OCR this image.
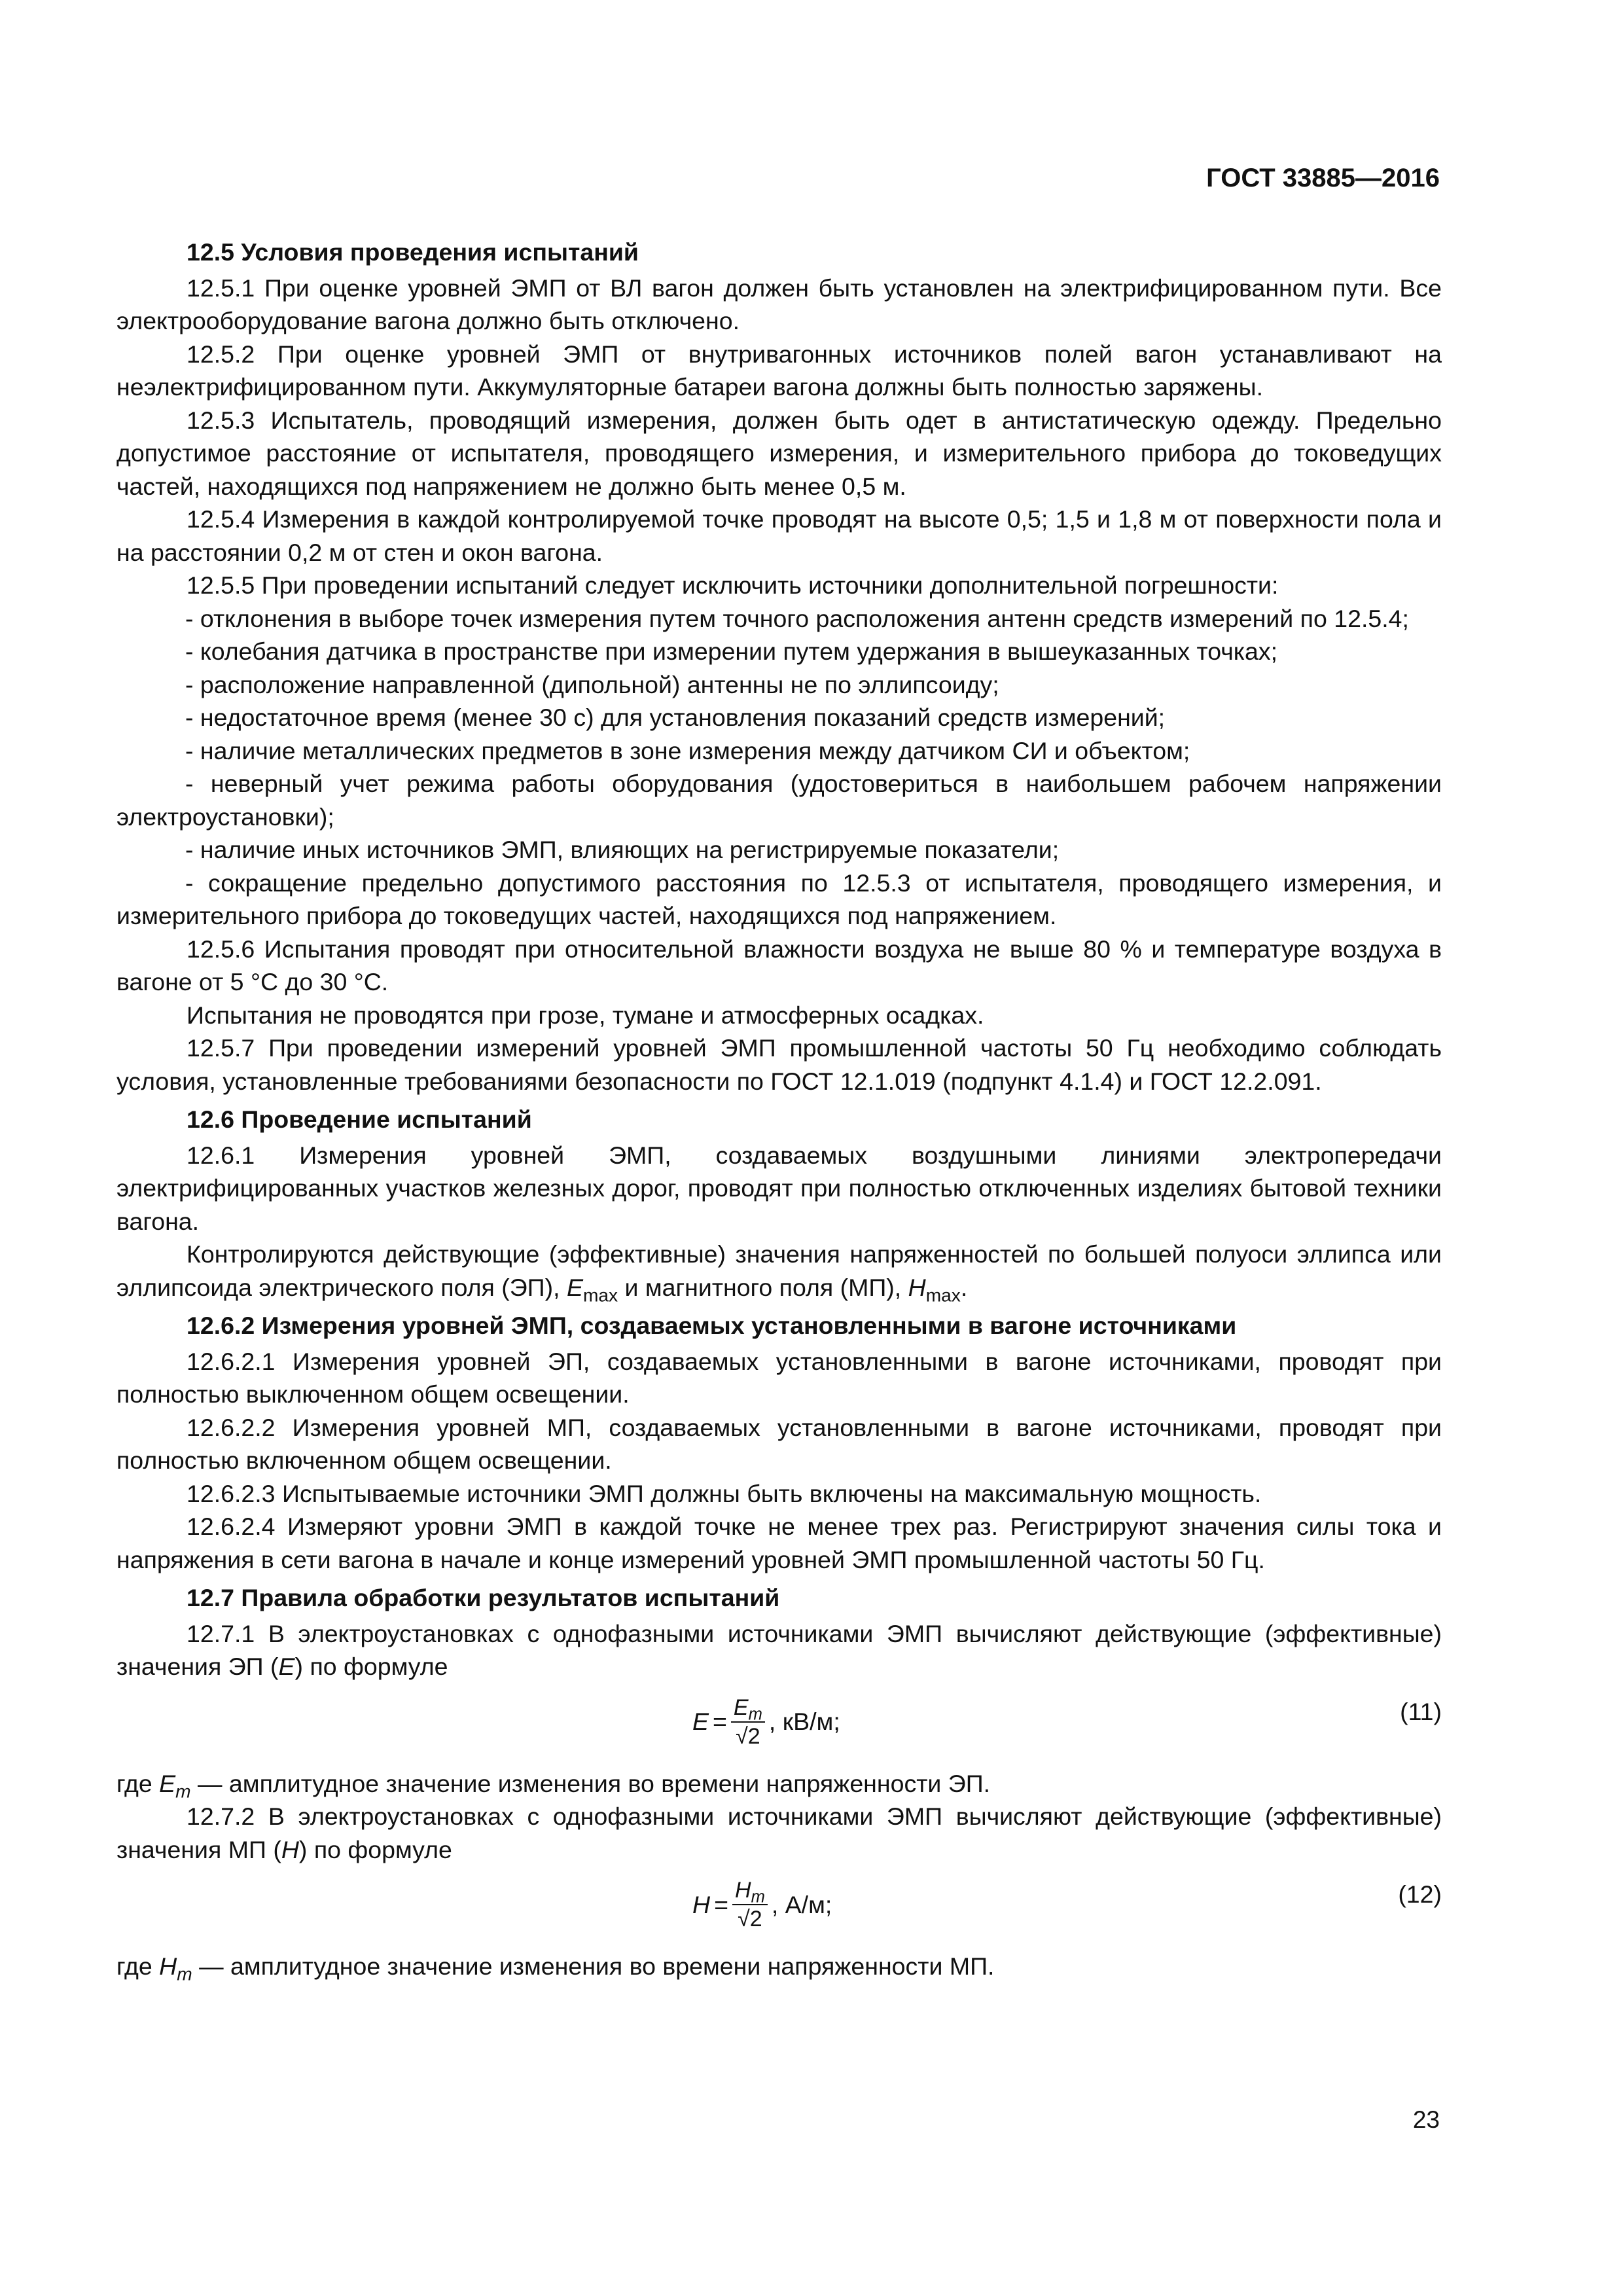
ГОСТ 33885—2016

12.5 Условия проведения испытаний

12.5.1 При оценке уровней ЭМП от ВЛ вагон должен быть установлен на электрифицированном пути. Все электрооборудование вагона должно быть отключено.

12.5.2 При оценке уровней ЭМП от внутривагонных источников полей вагон устанавливают на неэлектрифицированном пути. Аккумуляторные батареи вагона должны быть полностью заряжены.

12.5.3 Испытатель, проводящий измерения, должен быть одет в антистатическую одежду. Предельно допустимое расстояние от испытателя, проводящего измерения, и измерительного прибора до токоведущих частей, находящихся под напряжением не должно быть менее 0,5 м.

12.5.4 Измерения в каждой контролируемой точке проводят на высоте 0,5; 1,5 и 1,8 м от поверхности пола и на расстоянии 0,2 м от стен и окон вагона.

12.5.5 При проведении испытаний следует исключить источники дополнительной погрешности:

- отклонения в выборе точек измерения путем точного расположения антенн средств измерений по 12.5.4;

- колебания датчика в пространстве при измерении путем удержания в вышеуказанных точках;

- расположение направленной (дипольной) антенны не по эллипсоиду;

- недостаточное время (менее 30 с) для установления показаний средств измерений;

- наличие металлических предметов в зоне измерения между датчиком СИ и объектом;

- неверный учет режима работы оборудования (удостовериться в наибольшем рабочем напряжении электроустановки);

- наличие иных источников ЭМП, влияющих на регистрируемые показатели;

- сокращение предельно допустимого расстояния по 12.5.3 от испытателя, проводящего измерения, и измерительного прибора до токоведущих частей, находящихся под напряжением.

12.5.6 Испытания проводят при относительной влажности воздуха не выше 80 % и температуре воздуха в вагоне от 5 °С до 30 °С.

Испытания не проводятся при грозе, тумане и атмосферных осадках.

12.5.7 При проведении измерений уровней ЭМП промышленной частоты 50 Гц необходимо соблюдать условия, установленные требованиями безопасности по ГОСТ 12.1.019 (подпункт 4.1.4) и ГОСТ 12.2.091.

12.6 Проведение испытаний

12.6.1 Измерения уровней ЭМП, создаваемых воздушными линиями электропередачи электрифицированных участков железных дорог, проводят при полностью отключенных изделиях бытовой техники вагона.

Контролируются действующие (эффективные) значения напряженностей по большей полуоси эллипса или эллипсоида электрического поля (ЭП), $E_{max}$ и магнитного поля (МП), $H_{max}$.

12.6.2 Измерения уровней ЭМП, создаваемых установленными в вагоне источниками

12.6.2.1 Измерения уровней ЭП, создаваемых установленными в вагоне источниками, проводят при полностью выключенном общем освещении.

12.6.2.2 Измерения уровней МП, создаваемых установленными в вагоне источниками, проводят при полностью включенном общем освещении.

12.6.2.3 Испытываемые источники ЭМП должны быть включены на максимальную мощность.

12.6.2.4 Измеряют уровни ЭМП в каждой точке не менее трех раз. Регистрируют значения силы тока и напряжения в сети вагона в начале и конце измерений уровней ЭМП промышленной частоты 50 Гц.

12.7 Правила обработки результатов испытаний

12.7.1 В электроустановках с однофазными источниками ЭМП вычисляют действующие (эффективные) значения ЭП (E) по формуле

$E = \frac{E_m}{√2}$ , кВ/м;	(11)

где $E_m$ — амплитудное значение изменения во времени напряженности ЭП.

12.7.2 В электроустановках с однофазными источниками ЭМП вычисляют действующие (эффективные) значения МП (H) по формуле

$H = \frac{H_m}{√2}$ , А/м;	(12)

где $H_m$ — амплитудное значение изменения во времени напряженности МП.

23
